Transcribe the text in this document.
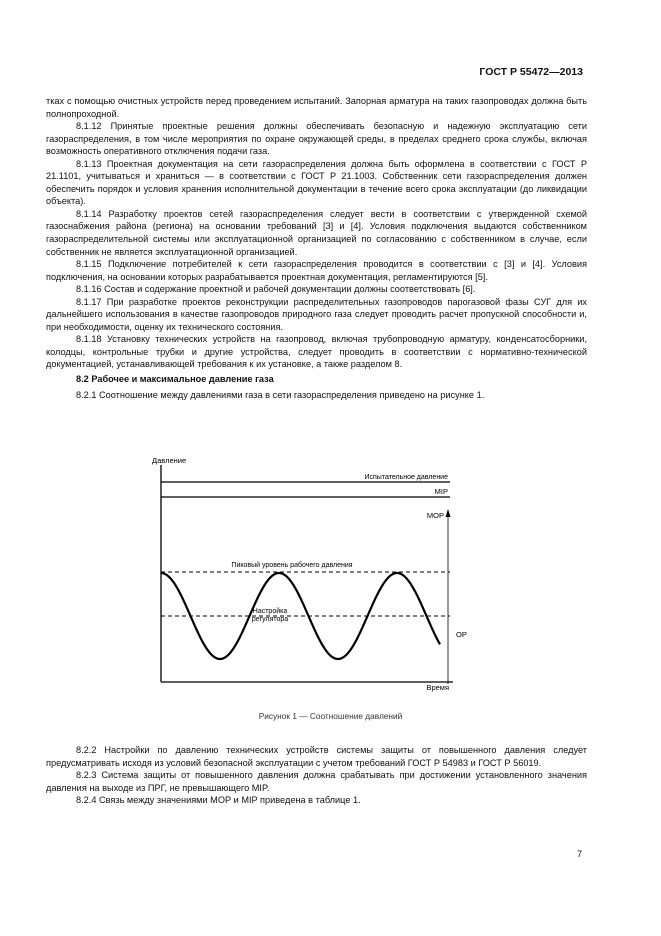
ГОСТ Р 55472—2013

тках с помощью очистных устройств перед проведением испытаний. Запорная арматура на таких газопроводах должна быть полнопроходной.

8.1.12 Принятые проектные решения должны обеспечивать безопасную и надежную эксплуатацию сети газораспределения, в том числе мероприятия по охране окружающей среды, в пределах среднего срока службы, включая возможность оперативного отключения подачи газа.

8.1.13 Проектная документация на сети газораспределения должна быть оформлена в соответствии с ГОСТ Р 21.1101, учитываться и храниться — в соответствии с ГОСТ Р 21.1003. Собственник сети газораспределения должен обеспечить порядок и условия хранения исполнительной документации в течение всего срока эксплуатации (до ликвидации объекта).

8.1.14 Разработку проектов сетей газораспределения следует вести в соответствии с утвержденной схемой газоснабжения района (региона) на основании требований [3] и [4]. Условия подключения выдаются собственником газораспределительной системы или эксплуатационной организацией по согласованию с собственником в случае, если собственник не является эксплуатационной организацией.

8.1.15 Подключение потребителей к сети газораспределения проводится в соответствии с [3] и [4]. Условия подключения, на основании которых разрабатывается проектная документация, регламентируются [5].

8.1.16 Состав и содержание проектной и рабочей документации должны соответствовать [6].

8.1.17 При разработке проектов реконструкции распределительных газопроводов парогазовой фазы СУГ для их дальнейшего использования в качестве газопроводов природного газа следует проводить расчет пропускной способности и, при необходимости, оценку их технического состояния.

8.1.18 Установку технических устройств на газопровод, включая трубопроводную арматуру, конденсатосборники, колодцы, контрольные трубки и другие устройства, следует проводить в соответствии с нормативно-технической документацией, устанавливающей требования к их установке, а также разделом 8.

8.2 Рабочее и максимальное давление газа

8.2.1 Соотношение между давлениями газа в сети газораспределения приведено на рисунке 1.

Давление
Время
Испытательное давление
MIP
MOP
Пиковый уровень рабочего давления
Настройка
регулятора
OP
Рисунок 1 — Соотношение давлений

8.2.2 Настройки по давлению технических устройств системы защиты от повышенного давления следует предусматривать исходя из условий безопасной эксплуатации с учетом требований ГОСТ Р 54983 и ГОСТ Р 56019.

8.2.3 Система защиты от повышенного давления должна срабатывать при достижении установленного значения давления на выходе из ПРГ, не превышающего MIP.

8.2.4 Связь между значениями МОР и MIP приведена в таблице 1.

7
